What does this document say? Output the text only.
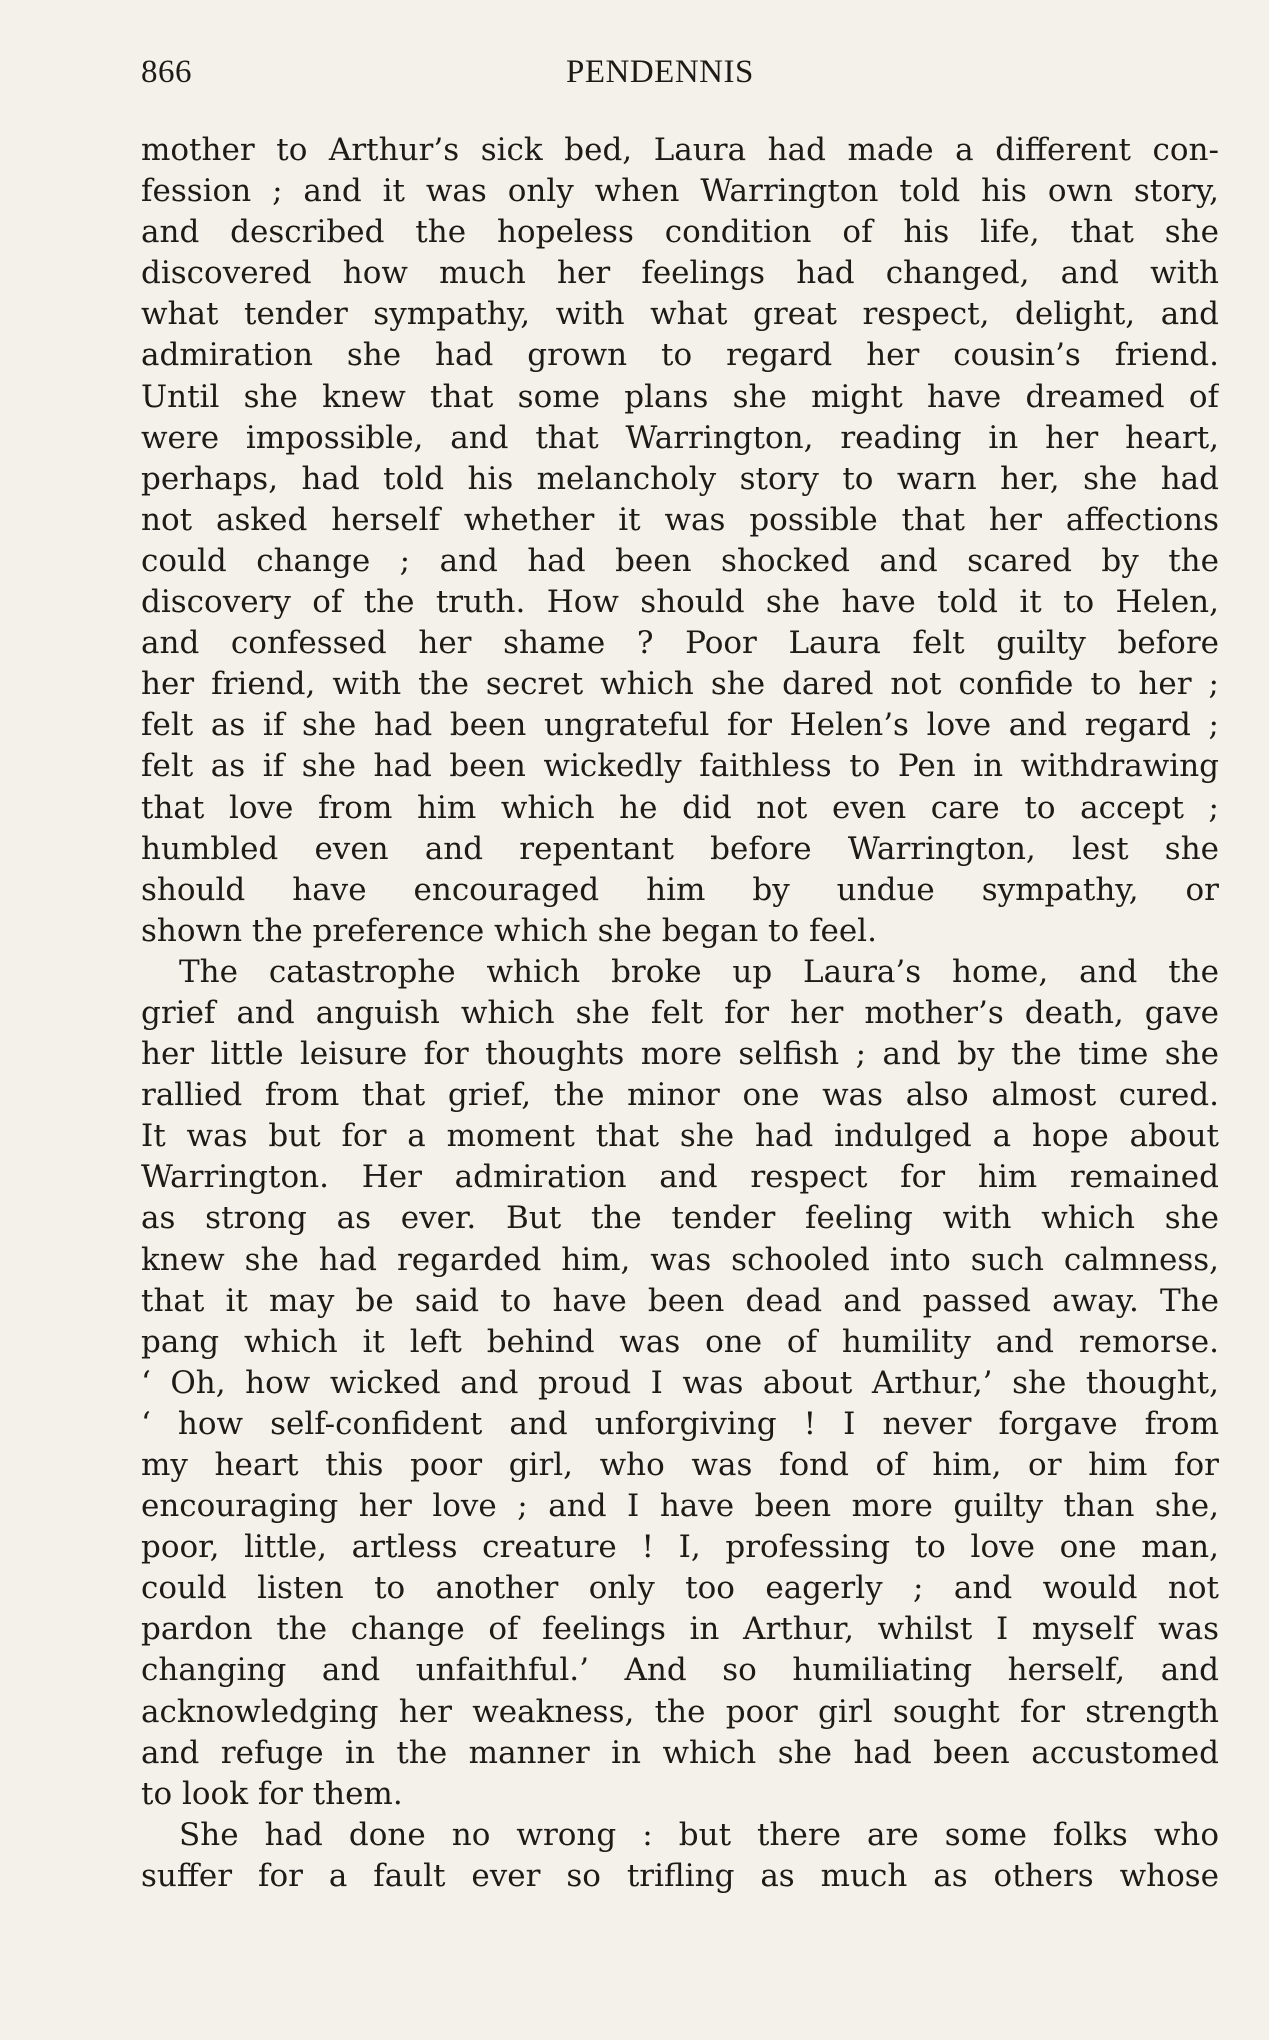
866	PENDENNIS
mother to Arthur’s sick bed, Laura had made a different con-
fession ; and it was only when Warrington told his own story,
and described the hopeless condition of his life, that she
discovered how much her feelings had changed, and with
what tender sympathy, with what great respect, delight, and
admiration she had grown to regard her cousin’s friend.
Until she knew that some plans she might have dreamed of
were impossible, and that Warrington, reading in her heart,
perhaps, had told his melancholy story to warn her, she had
not asked herself whether it was possible that her affections
could change ; and had been shocked and scared by the
discovery of the truth. How should she have told it to Helen,
and confessed her shame ? Poor Laura felt guilty before
her friend, with the secret which she dared not confide to her ;
felt as if she had been ungrateful for Helen’s love and regard ;
felt as if she had been wickedly faithless to Pen in withdrawing
that love from him which he did not even care to accept ;
humbled even and repentant before Warrington, lest she
should have encouraged him by undue sympathy, or
shown the preference which she began to feel.
The catastrophe which broke up Laura’s home, and the
grief and anguish which she felt for her mother’s death, gave
her little leisure for thoughts more selfish ; and by the time she
rallied from that grief, the minor one was also almost cured.
It was but for a moment that she had indulged a hope about
Warrington. Her admiration and respect for him remained
as strong as ever. But the tender feeling with which she
knew she had regarded him, was schooled into such calmness,
that it may be said to have been dead and passed away. The
pang which it left behind was one of humility and remorse.
‘ Oh, how wicked and proud I was about Arthur,’ she thought,
‘ how self-confident and unforgiving ! I never forgave from
my heart this poor girl, who was fond of him, or him for
encouraging her love ; and I have been more guilty than she,
poor, little, artless creature ! I, professing to love one man,
could listen to another only too eagerly ; and would not
pardon the change of feelings in Arthur, whilst I myself was
changing and unfaithful.’ And so humiliating herself, and
acknowledging her weakness, the poor girl sought for strength
and refuge in the manner in which she had been accustomed
to look for them.
She had done no wrong : but there are some folks who
suffer for a fault ever so trifling as much as others whose
